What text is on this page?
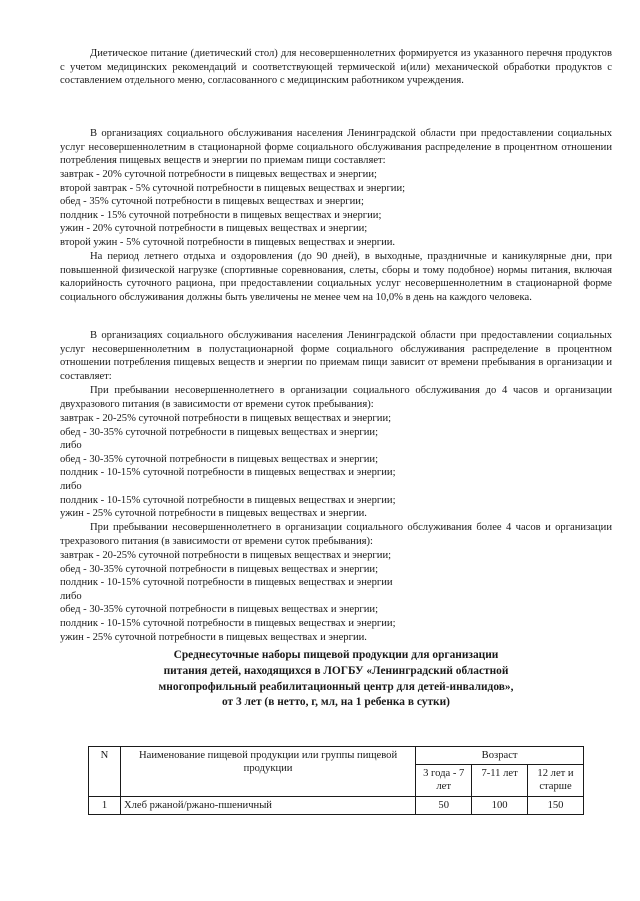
Диетическое питание (диетический стол) для несовершеннолетних формируется из указанного перечня продуктов с учетом медицинских рекомендаций и соответствующей термической и(или) механической обработки продуктов с составлением отдельного меню, согласованного с медицинским работником учреждения.

В организациях социального обслуживания населения Ленинградской области при предоставлении социальных услуг несовершеннолетним в стационарной форме социального обслуживания распределение в процентном отношении потребления пищевых веществ и энергии по приемам пищи составляет:

завтрак - 20% суточной потребности в пищевых веществах и энергии;
второй завтрак - 5% суточной потребности в пищевых веществах и энергии;
обед - 35% суточной потребности в пищевых веществах и энергии;
полдник - 15% суточной потребности в пищевых веществах и энергии;
ужин - 20% суточной потребности в пищевых веществах и энергии;
второй ужин - 5% суточной потребности в пищевых веществах и энергии.

На период летнего отдыха и оздоровления (до 90 дней), в выходные, праздничные и каникулярные дни, при повышенной физической нагрузке (спортивные соревнования, слеты, сборы и тому подобное) нормы питания, включая калорийность суточного рациона, при предоставлении социальных услуг несовершеннолетним в стационарной форме социального обслуживания должны быть увеличены не менее чем на 10,0% в день на каждого человека.

В организациях социального обслуживания населения Ленинградской области при предоставлении социальных услуг несовершеннолетним в полустационарной форме социального обслуживания распределение в процентном отношении потребления пищевых веществ и энергии по приемам пищи зависит от времени пребывания в организации и составляет:

При пребывании несовершеннолетнего в организации социального обслуживания до 4 часов и организации двухразового питания (в зависимости от времени суток пребывания):

завтрак - 20-25% суточной потребности в пищевых веществах и энергии;
обед - 30-35% суточной потребности в пищевых веществах и энергии;
либо
обед - 30-35% суточной потребности в пищевых веществах и энергии;
полдник - 10-15% суточной потребности в пищевых веществах и энергии;
либо
полдник - 10-15% суточной потребности в пищевых веществах и энергии;
ужин - 25% суточной потребности в пищевых веществах и энергии.

При пребывании несовершеннолетнего в организации социального обслуживания более 4 часов и организации трехразового питания (в зависимости от времени суток пребывания):

завтрак - 20-25% суточной потребности в пищевых веществах и энергии;
обед - 30-35% суточной потребности в пищевых веществах и энергии;
полдник - 10-15% суточной потребности в пищевых веществах и энергии
либо
обед - 30-35% суточной потребности в пищевых веществах и энергии;
полдник - 10-15% суточной потребности в пищевых веществах и энергии;
ужин - 25% суточной потребности в пищевых веществах и энергии.
Среднесуточные наборы пищевой продукции для организации
питания детей, находящихся в ЛОГБУ «Ленинградский областной
многопрофильный реабилитационный центр для детей-инвалидов»,
от 3 лет (в нетто, г, мл, на 1 ребенка в сутки)
N	Наименование пищевой продукции или группы пищевой продукции	Возраст		
		3 года - 7 лет	7-11 лет	12 лет и старше
1	Хлеб ржаной/ржано-пшеничный	50	100	150
